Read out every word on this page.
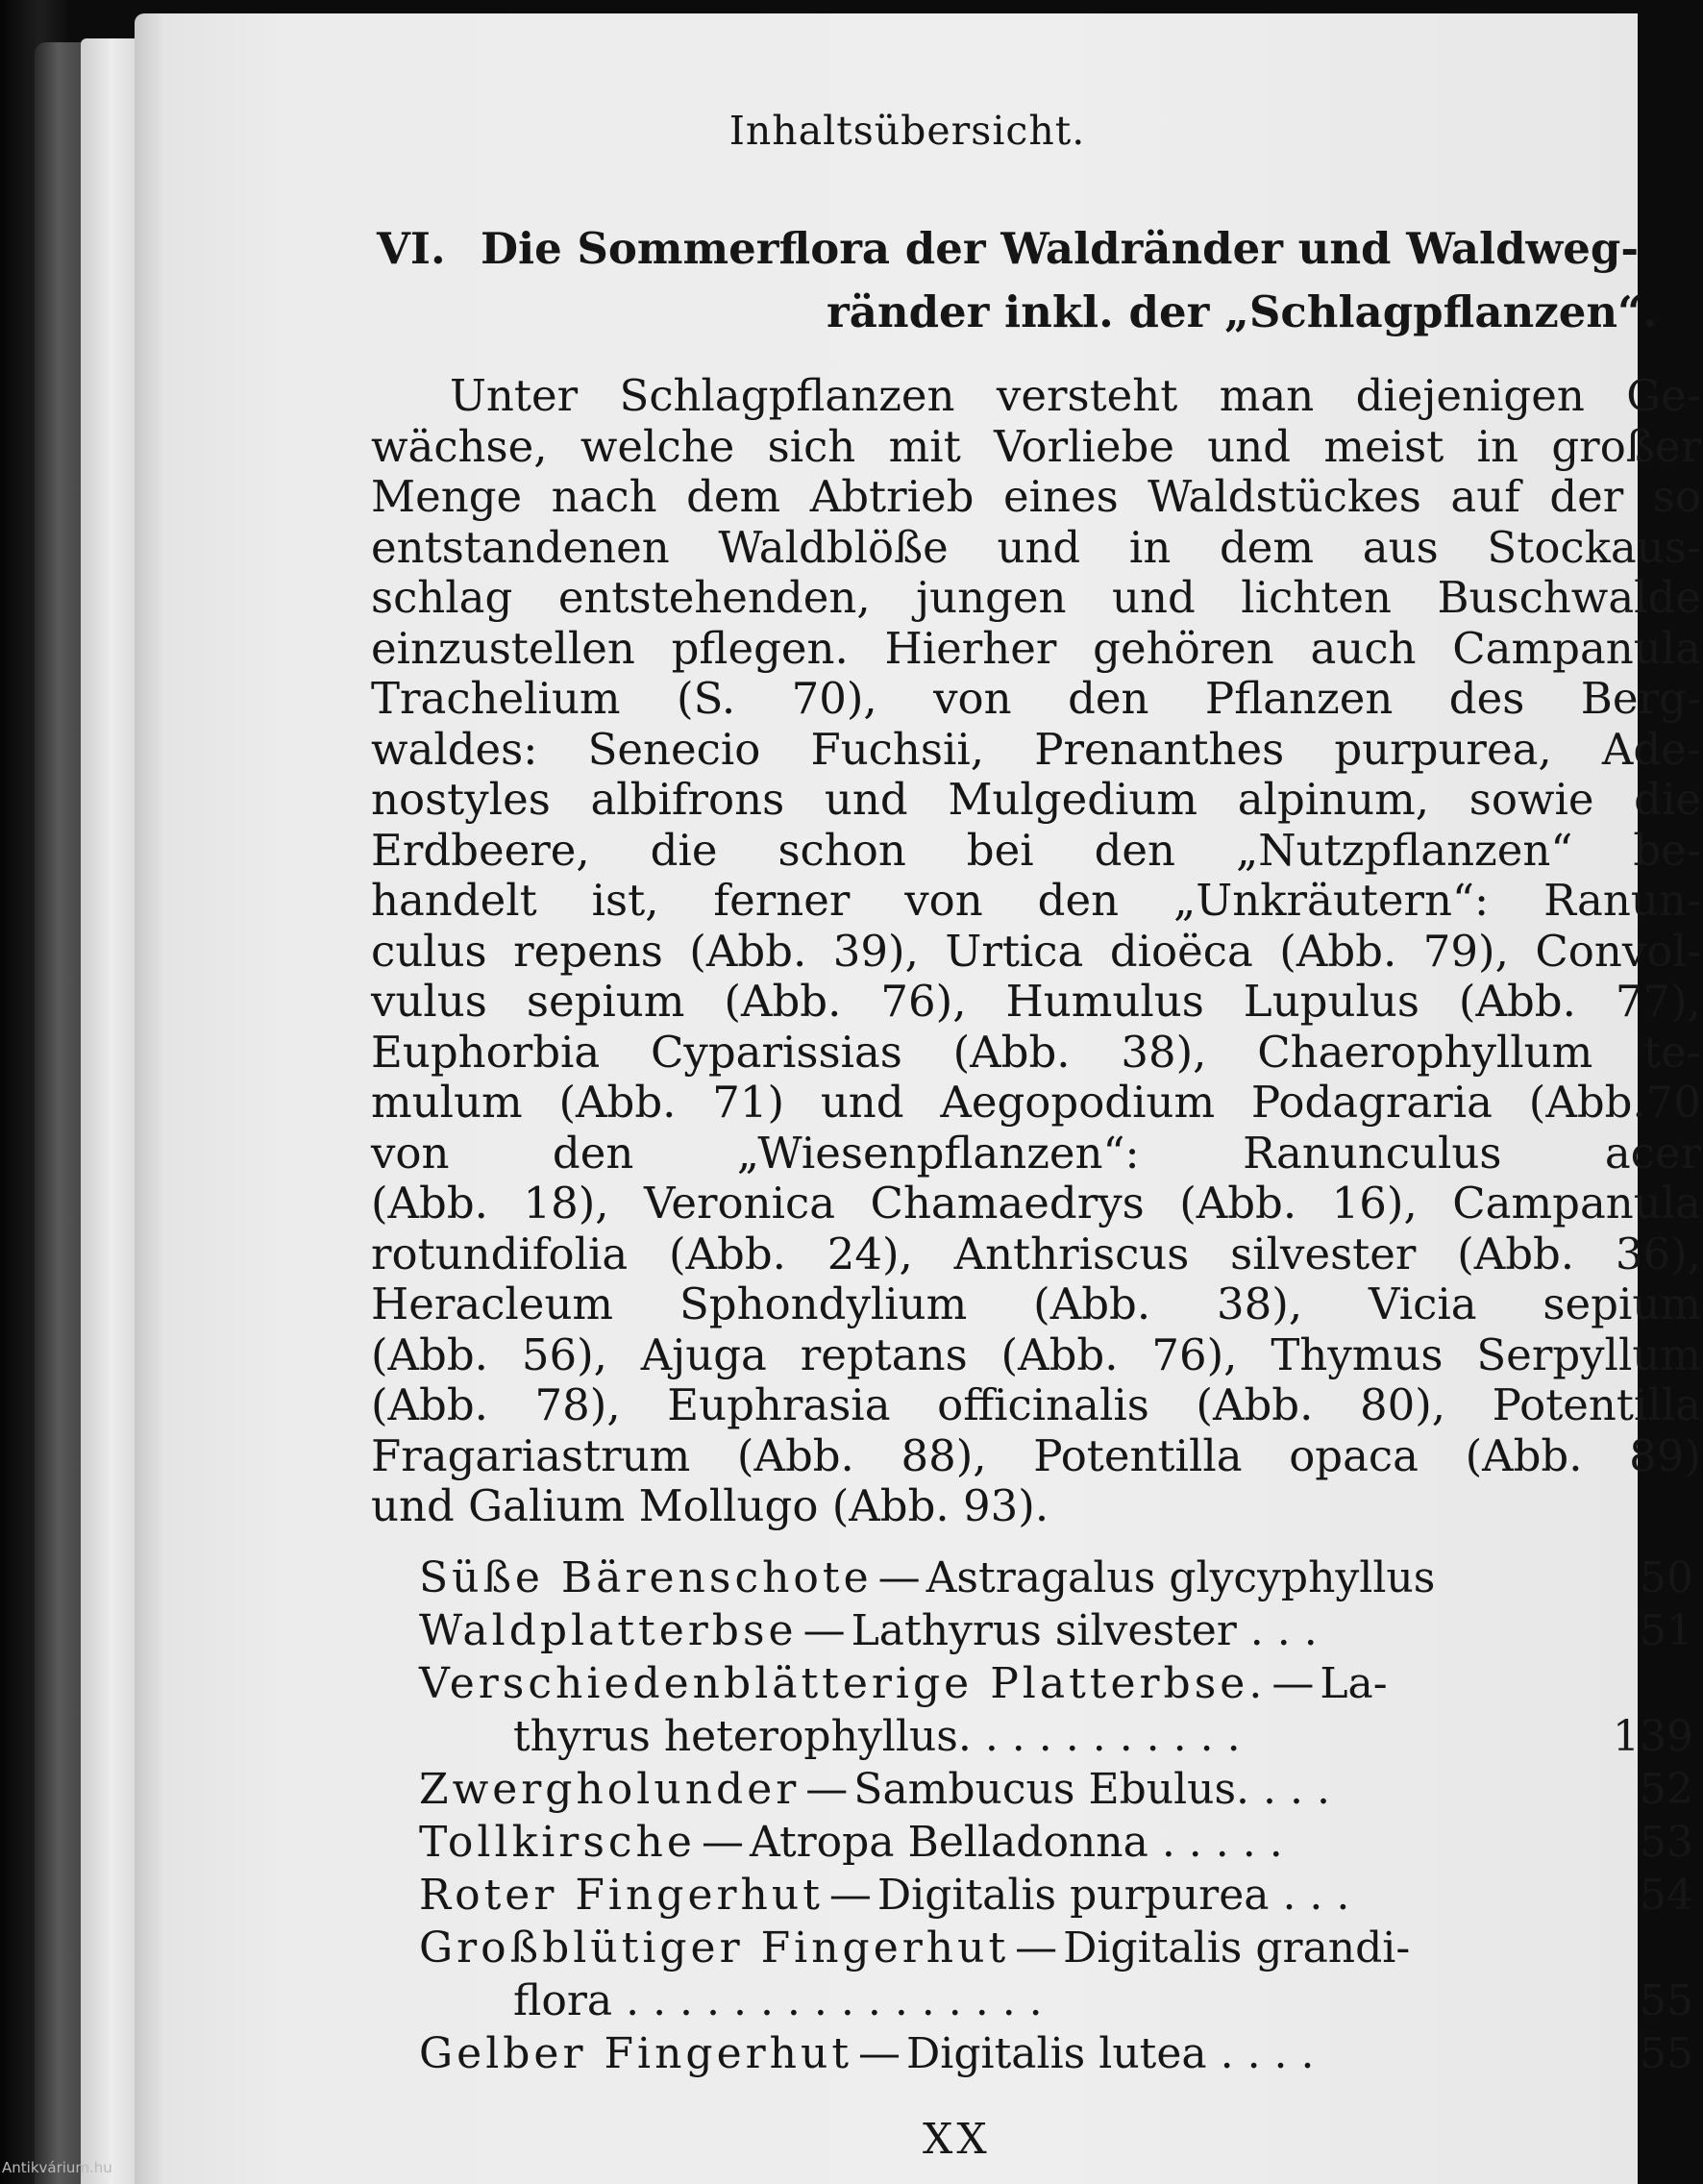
Inhaltsübersicht.
VI. Die Sommerflora der Waldränder und Waldweg-
ränder inkl. der „Schlagpflanzen“.
Unter Schlagpflanzen versteht man diejenigen Ge-
wächse, welche sich mit Vorliebe und meist in großer
Menge nach dem Abtrieb eines Waldstückes auf der so
entstandenen Waldblöße und in dem aus Stockaus-
schlag entstehenden, jungen und lichten Buschwalde
einzustellen pflegen. Hierher gehören auch Campanula
Trachelium (S. 70), von den Pflanzen des Berg-
waldes: Senecio Fuchsii, Prenanthes purpurea, Ade-
nostyles albifrons und Mulgedium alpinum, sowie die
Erdbeere, die schon bei den „Nutzpflanzen“ be-
handelt ist, ferner von den „Unkräutern“: Ranun-
culus repens (Abb. 39), Urtica dioëca (Abb. 79), Convol-
vulus sepium (Abb. 76), Humulus Lupulus (Abb. 77),
Euphorbia Cyparissias (Abb. 38), Chaerophyllum te-
mulum (Abb. 71) und Aegopodium Podagraria (Abb.70
von den „Wiesenpflanzen“: Ranunculus acer
(Abb. 18), Veronica Chamaedrys (Abb. 16), Campanula
rotundifolia (Abb. 24), Anthriscus silvester (Abb. 36),
Heracleum Sphondylium (Abb. 38), Vicia sepium
(Abb. 56), Ajuga reptans (Abb. 76), Thymus Serpyllum
(Abb. 78), Euphrasia officinalis (Abb. 80), Potentilla
Fragariastrum (Abb. 88), Potentilla opaca (Abb. 89)
und Galium Mollugo (Abb. 93).
Süße Bärenschote — Astragalus glycyphyllus	50
Waldplatterbse — Lathyrus silvester . . .	51
Verschiedenblätterige Platterbse. — La-
thyrus heterophyllus. . . . . . . . . . .	139
Zwergholunder — Sambucus Ebulus. . . .	52
Tollkirsche — Atropa Belladonna . . . . .	53
Roter Fingerhut — Digitalis purpurea . . .	54
Großblütiger Fingerhut — Digitalis grandi-
flora . . . . . . . . . . . . . . . .	55
Gelber Fingerhut — Digitalis lutea . . . .	55
XX
Antikvárium.hu
